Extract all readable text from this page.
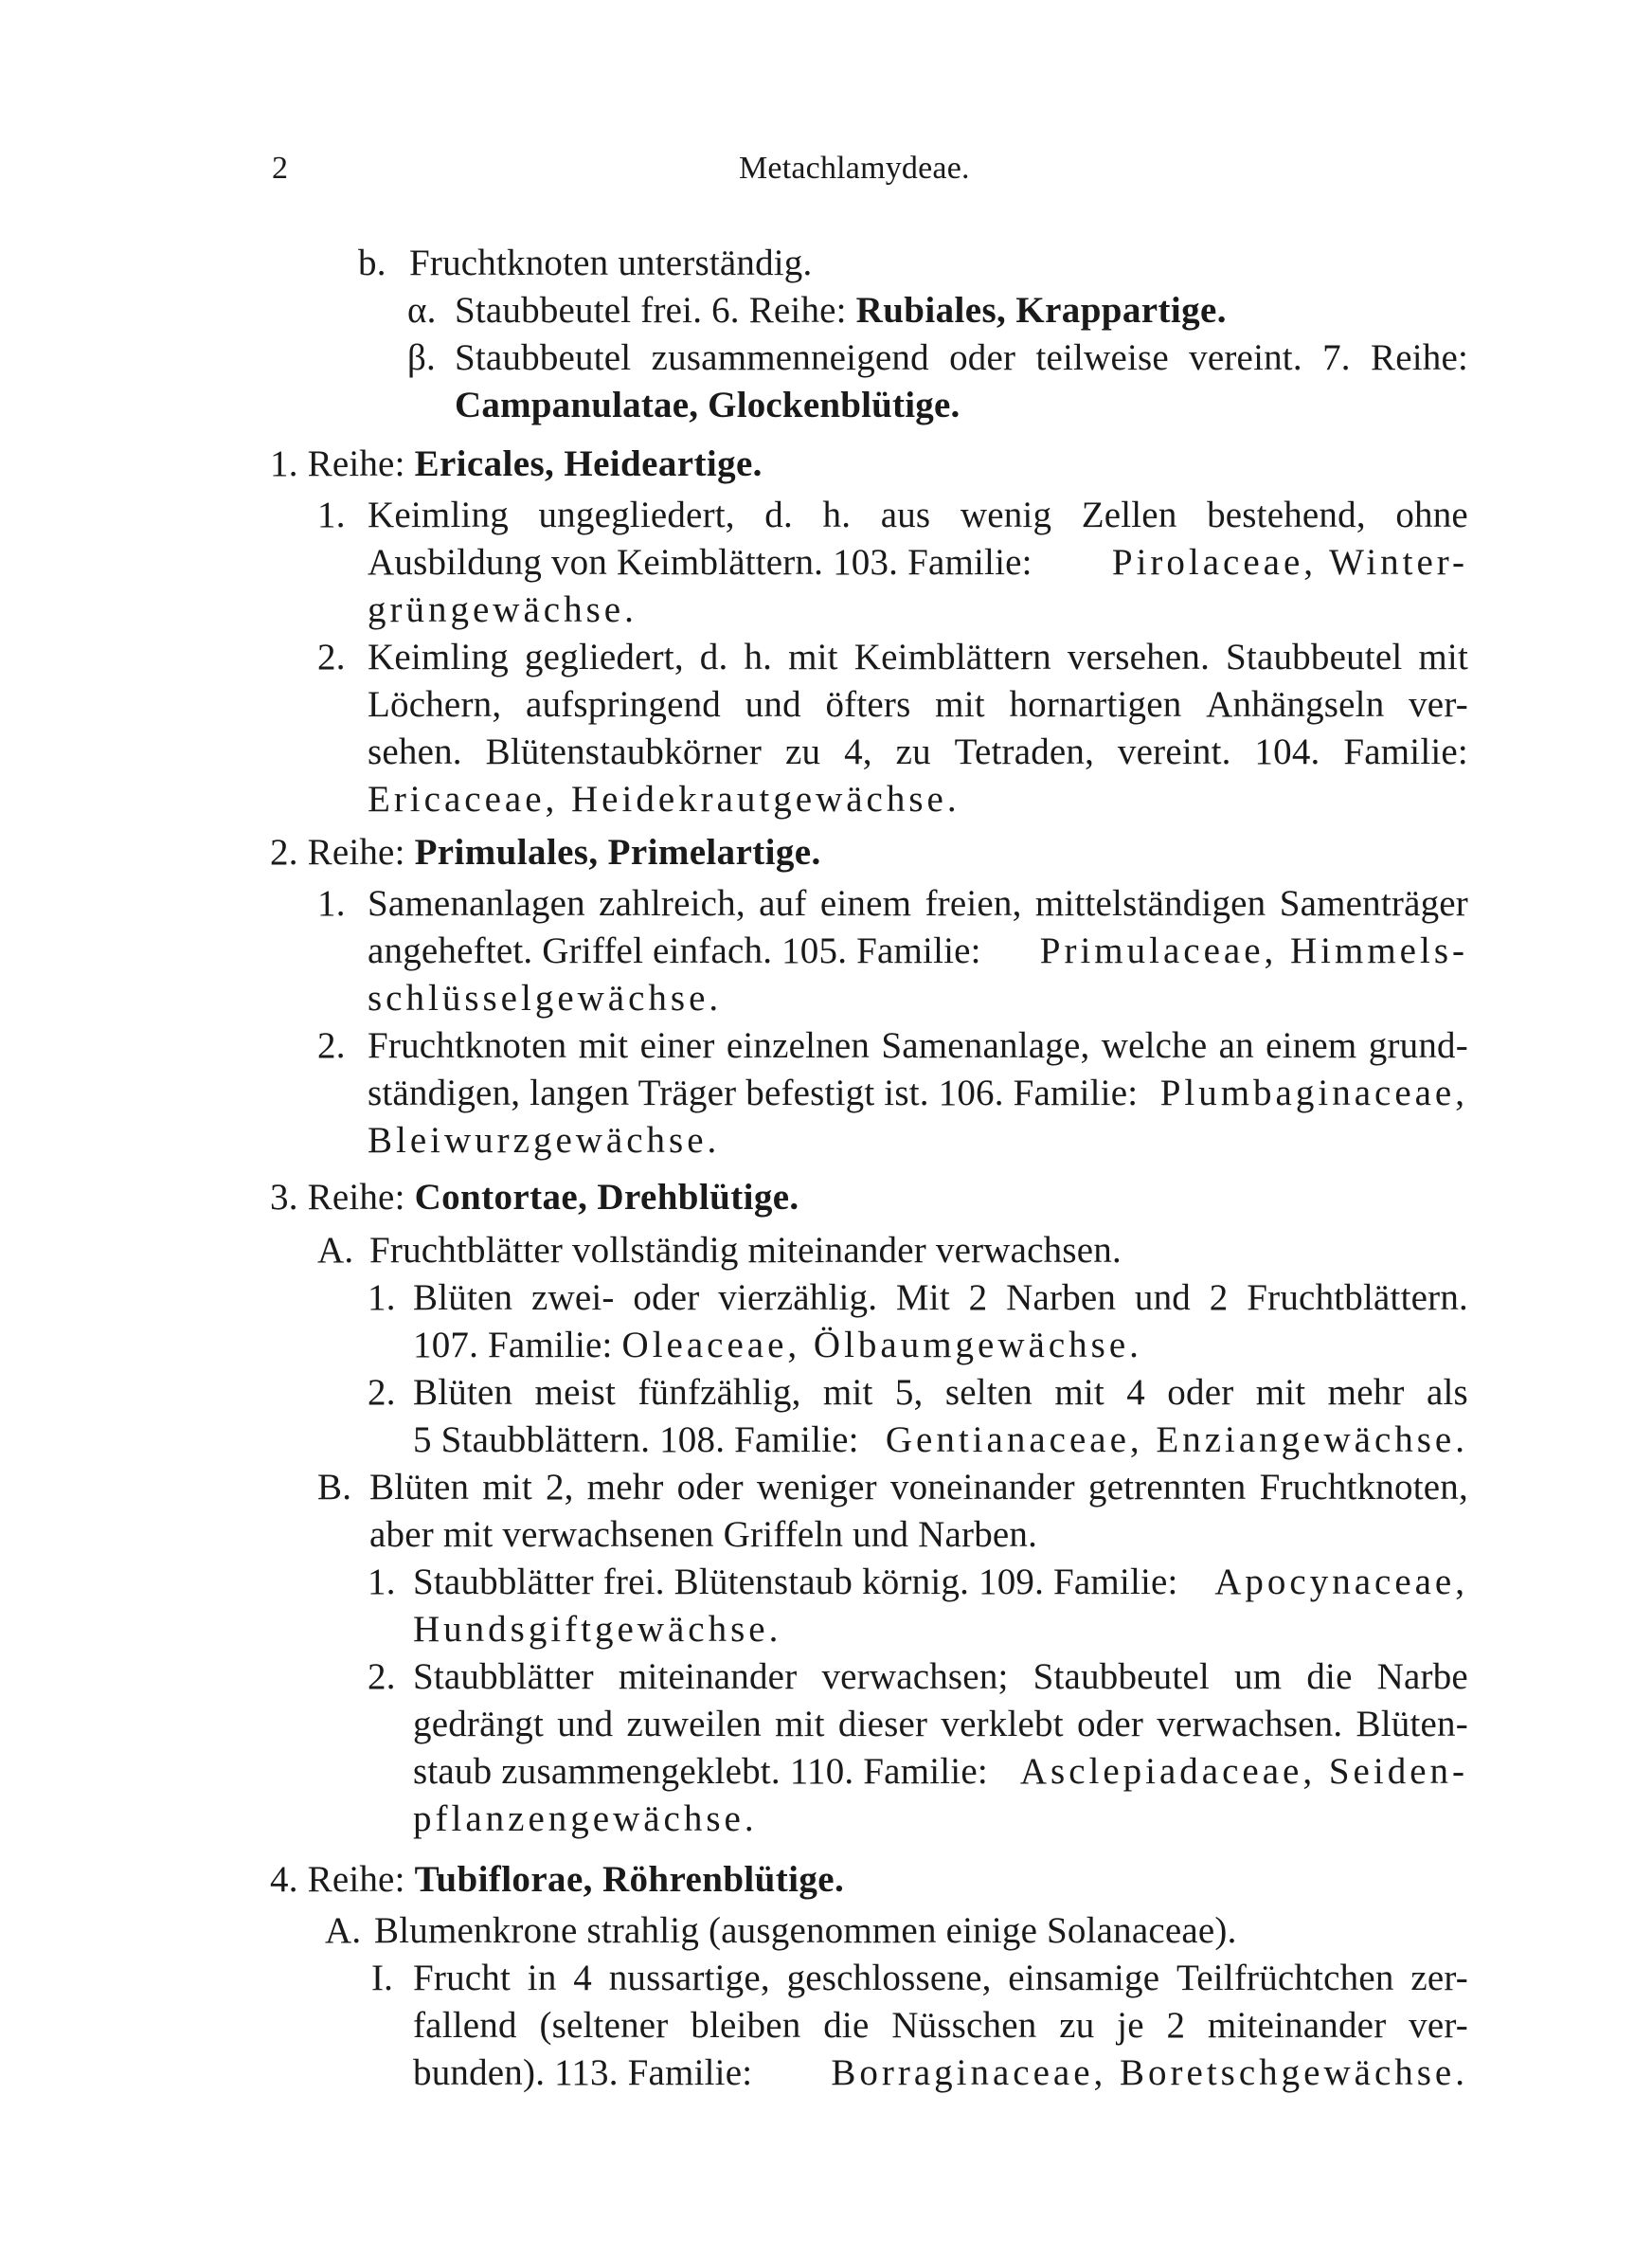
2	Metachlamydeae.
b. Fruchtknoten unterständig.
α. Staubbeutel frei. 6. Reihe: Rubiales, Krappartige.
β. Staubbeutel zusammenneigend oder teilweise vereint. 7. Reihe:
Campanulatae, Glockenblütige.
1. Reihe: Ericales, Heideartige.
1. Keimling ungegliedert, d. h. aus wenig Zellen bestehend, ohne
Ausbildung von Keimblättern. 103. Familie: Pirolaceae, Winter-
grüngewächse.
2. Keimling gegliedert, d. h. mit Keimblättern versehen. Staubbeutel mit
Löchern, aufspringend und öfters mit hornartigen Anhängseln ver-
sehen. Blütenstaubkörner zu 4, zu Tetraden, vereint. 104. Familie:
Ericaceae, Heidekrautgewächse.
2. Reihe: Primulales, Primelartige.
1. Samenanlagen zahlreich, auf einem freien, mittelständigen Samenträger
angeheftet. Griffel einfach. 105. Familie: Primulaceae, Himmels-
schlüsselgewächse.
2. Fruchtknoten mit einer einzelnen Samenanlage, welche an einem grund-
ständigen, langen Träger befestigt ist. 106. Familie: Plumbaginaceae,
Bleiwurzgewächse.
3. Reihe: Contortae, Drehblütige.
A. Fruchtblätter vollständig miteinander verwachsen.
1. Blüten zwei- oder vierzählig. Mit 2 Narben und 2 Fruchtblättern.
107. Familie: Oleaceae, Ölbaumgewächse.
2. Blüten meist fünfzählig, mit 5, selten mit 4 oder mit mehr als
5 Staubblättern. 108. Familie: Gentianaceae, Enziangewächse.
B. Blüten mit 2, mehr oder weniger voneinander getrennten Fruchtknoten,
aber mit verwachsenen Griffeln und Narben.
1. Staubblätter frei. Blütenstaub körnig. 109. Familie: Apocynaceae,
Hundsgiftgewächse.
2. Staubblätter miteinander verwachsen; Staubbeutel um die Narbe
gedrängt und zuweilen mit dieser verklebt oder verwachsen. Blüten-
staub zusammengeklebt. 110. Familie: Asclepiadaceae, Seiden-
pflanzengewächse.
4. Reihe: Tubiflorae, Röhrenblütige.
A. Blumenkrone strahlig (ausgenommen einige Solanaceae).
I. Frucht in 4 nussartige, geschlossene, einsamige Teilfrüchtchen zer-
fallend (seltener bleiben die Nüsschen zu je 2 miteinander ver-
bunden). 113. Familie: Borraginaceae, Boretschgewächse.
